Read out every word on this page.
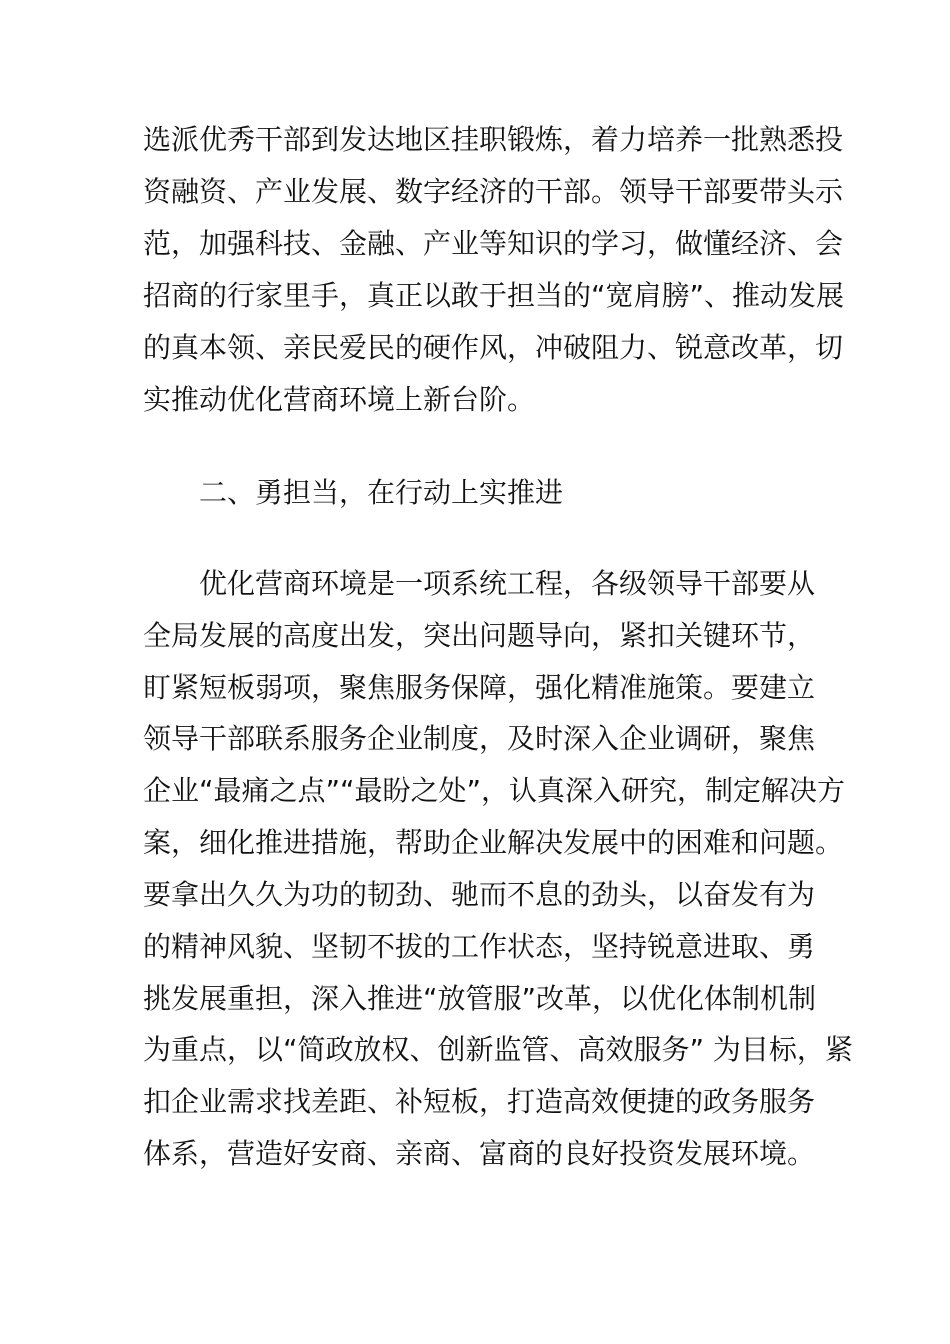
选派优秀干部到发达地区挂职锻炼，着力培养一批熟悉投
资融资、产业发展、数字经济的干部。领导干部要带头示
范，加强科技、金融、产业等知识的学习，做懂经济、会
招商的行家里手，真正以敢于担当的“宽肩膀”、推动发展
的真本领、亲民爱民的硬作风，冲破阻力、锐意改革，切
实推动优化营商环境上新台阶。
二、勇担当，在行动上实推进
优化营商环境是一项系统工程，各级领导干部要从
全局发展的高度出发，突出问题导向，紧扣关键环节，
盯紧短板弱项，聚焦服务保障，强化精准施策。要建立
领导干部联系服务企业制度，及时深入企业调研，聚焦
企业“最痛之点”“最盼之处”，认真深入研究，制定解决方
案，细化推进措施，帮助企业解决发展中的困难和问题。
要拿出久久为功的韧劲、驰而不息的劲头，以奋发有为
的精神风貌、坚韧不拔的工作状态，坚持锐意进取、勇
挑发展重担，深入推进“放管服”改革，以优化体制机制
为重点，以“简政放权、创新监管、高效服务” 为目标，紧
扣企业需求找差距、补短板，打造高效便捷的政务服务
体系，营造好安商、亲商、富商的良好投资发展环境。
